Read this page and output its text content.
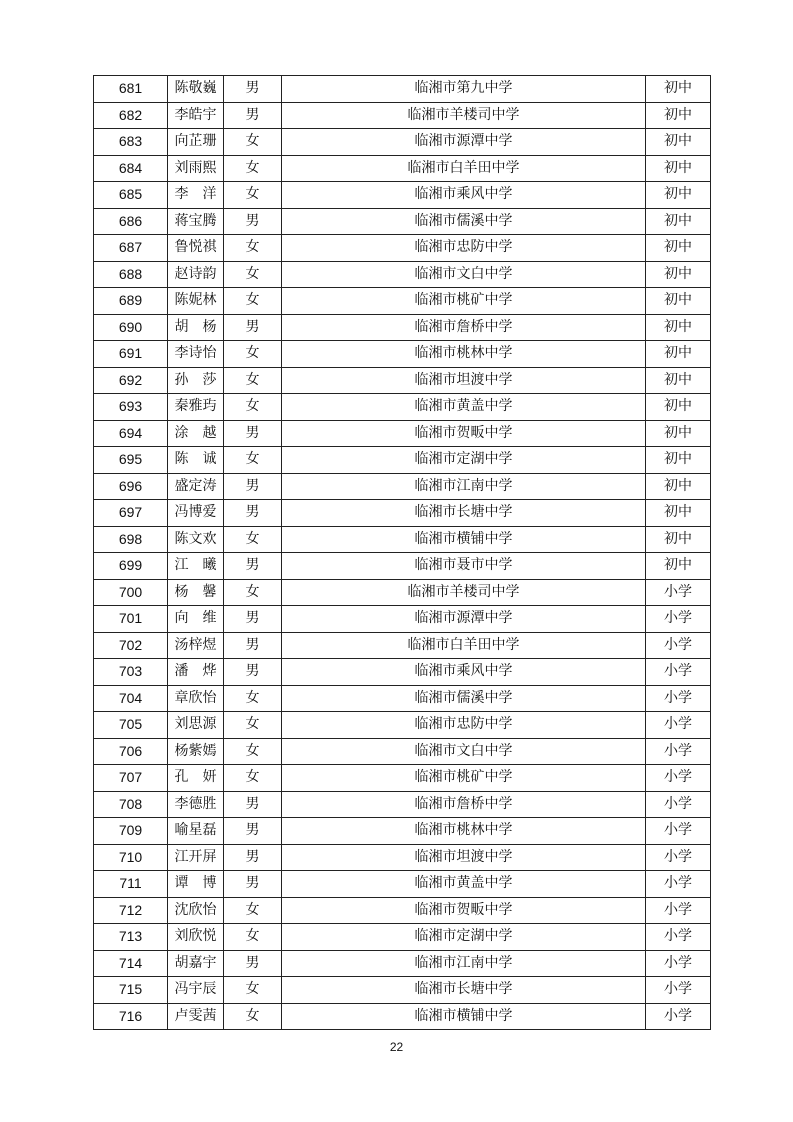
681	陈敬巍	男	临湘市第九中学	初中
682	李皓宇	男	临湘市羊楼司中学	初中
683	向芷珊	女	临湘市源潭中学	初中
684	刘雨熙	女	临湘市白羊田中学	初中
685	李　洋	女	临湘市乘风中学	初中
686	蒋宝腾	男	临湘市儒溪中学	初中
687	鲁悦祺	女	临湘市忠防中学	初中
688	赵诗韵	女	临湘市文白中学	初中
689	陈妮林	女	临湘市桃矿中学	初中
690	胡　杨	男	临湘市詹桥中学	初中
691	李诗怡	女	临湘市桃林中学	初中
692	孙　莎	女	临湘市坦渡中学	初中
693	秦雅玙	女	临湘市黄盖中学	初中
694	涂　越	男	临湘市贺畈中学	初中
695	陈　诚	女	临湘市定湖中学	初中
696	盛定涛	男	临湘市江南中学	初中
697	冯博爱	男	临湘市长塘中学	初中
698	陈文欢	女	临湘市横铺中学	初中
699	江　曦	男	临湘市聂市中学	初中
700	杨　馨	女	临湘市羊楼司中学	小学
701	向　维	男	临湘市源潭中学	小学
702	汤梓煜	男	临湘市白羊田中学	小学
703	潘　烨	男	临湘市乘风中学	小学
704	章欣怡	女	临湘市儒溪中学	小学
705	刘思源	女	临湘市忠防中学	小学
706	杨紫嫣	女	临湘市文白中学	小学
707	孔　妍	女	临湘市桃矿中学	小学
708	李德胜	男	临湘市詹桥中学	小学
709	喻星磊	男	临湘市桃林中学	小学
710	江开屏	男	临湘市坦渡中学	小学
711	谭　博	男	临湘市黄盖中学	小学
712	沈欣怡	女	临湘市贺畈中学	小学
713	刘欣悦	女	临湘市定湖中学	小学
714	胡嘉宇	男	临湘市江南中学	小学
715	冯宇辰	女	临湘市长塘中学	小学
716	卢雯茜	女	临湘市横铺中学	小学
22
